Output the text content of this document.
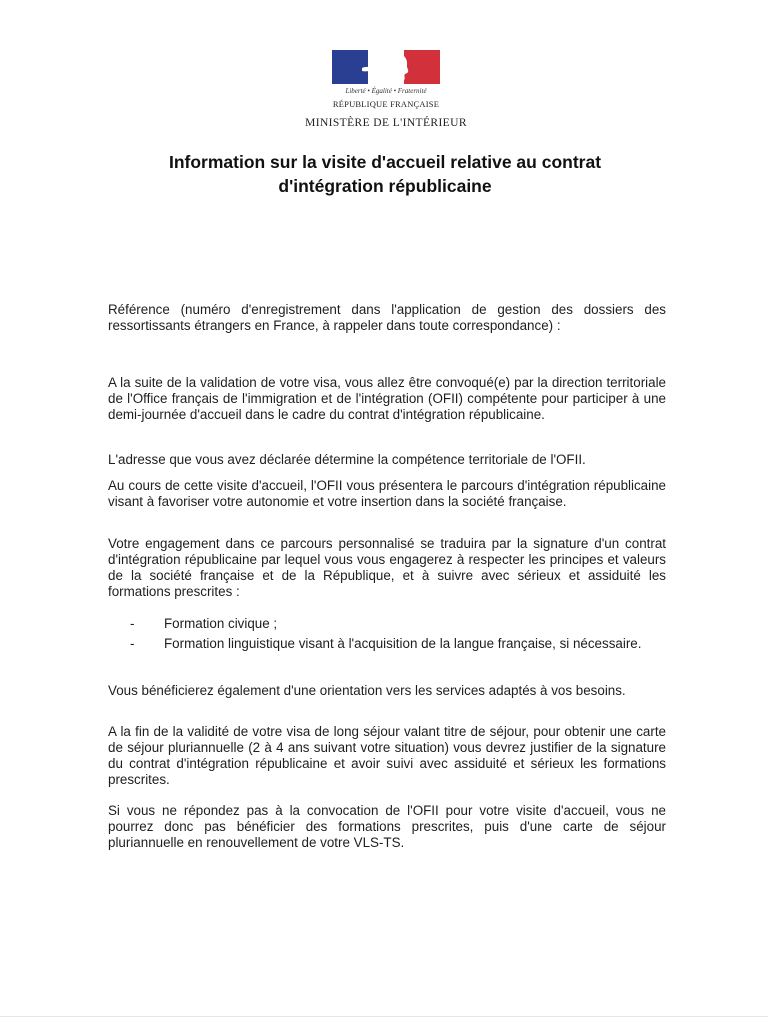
Liberté • Égalité • Fraternité
RÉPUBLIQUE FRANÇAISE
MINISTÈRE DE L'INTÉRIEUR
Information sur la visite d'accueil relative au contrat
d'intégration républicaine

Référence (numéro d'enregistrement dans l'application de gestion des dossiers des ressortissants étrangers en France, à rappeler dans toute correspondance) :

A la suite de la validation de votre visa, vous allez être convoqué(e) par la direction territoriale de l'Office français de l'immigration et de l'intégration (OFII) compétente pour participer à une demi-journée d'accueil dans le cadre du contrat d'intégration républicaine.

L'adresse que vous avez déclarée détermine la compétence territoriale de l'OFII.

Au cours de cette visite d'accueil, l'OFII vous présentera le parcours d'intégration républicaine visant à favoriser votre autonomie et votre insertion dans la société française.

Votre engagement dans ce parcours personnalisé se traduira par la signature d'un contrat d'intégration républicaine par lequel vous vous engagerez à respecter les principes et valeurs de la société française et de la République, et à suivre avec sérieux et assiduité les formations prescrites :

- Formation civique ;
- Formation linguistique visant à l'acquisition de la langue française, si nécessaire.

Vous bénéficierez également d'une orientation vers les services adaptés à vos besoins.

A la fin de la validité de votre visa de long séjour valant titre de séjour, pour obtenir une carte de séjour pluriannuelle (2 à 4 ans suivant votre situation) vous devrez justifier de la signature du contrat d'intégration républicaine et avoir suivi avec assiduité et sérieux les formations prescrites.

Si vous ne répondez pas à la convocation de l'OFII pour votre visite d'accueil, vous ne pourrez donc pas bénéficier des formations prescrites, puis d'une carte de séjour pluriannuelle en renouvellement de votre VLS-TS.
